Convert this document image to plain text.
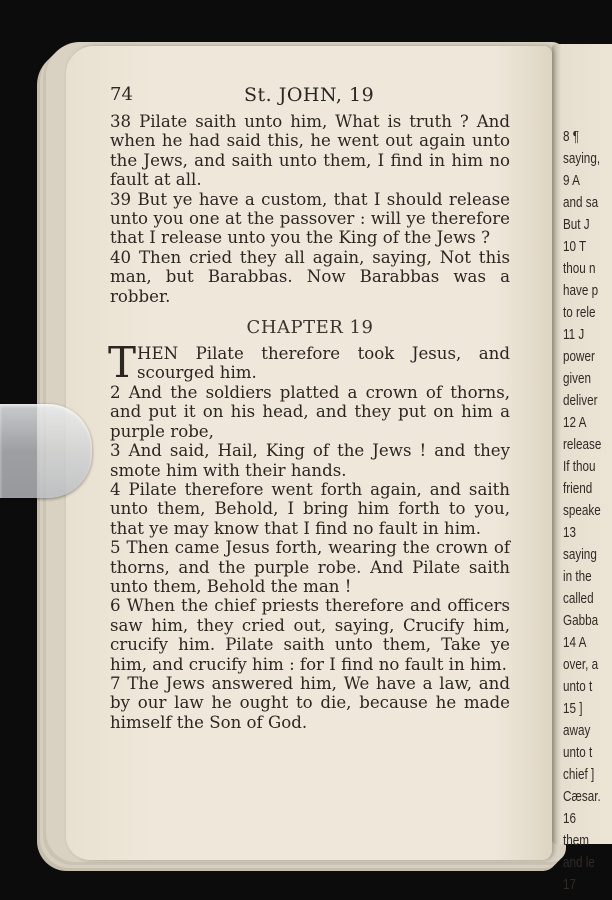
74	St. JOHN, 19

38 Pilate saith unto him, What is truth ? And when he had said this, he went out again unto the Jews, and saith unto them, I find in him no fault at all.

39 But ye have a custom, that I should release unto you one at the passover : will ye therefore that I release unto you the King of the Jews ?

40 Then cried they all again, saying, Not this man, but Barabbas. Now Barabbas was a robber.

CHAPTER 19

T HEN Pilate therefore took Jesus, and scourged him.

2 And the soldiers platted a crown of thorns, and put it on his head, and they put on him a purple robe,

3 And said, Hail, King of the Jews ! and they smote him with their hands.

4 Pilate therefore went forth again, and saith unto them, Behold, I bring him forth to you, that ye may know that I find no fault in him.

5 Then came Jesus forth, wearing the crown of thorns, and the purple robe. And Pilate saith unto them, Behold the man !

6 When the chief priests therefore and officers saw him, they cried out, saying, Crucify him, crucify him. Pilate saith unto them, Take ye him, and crucify him : for I find no fault in him.

7 The Jews answered him, We have a law, and by our law he ought to die, because he made himself the Son of God.

8 ¶
saying,
9 A
and sa
But J
10 T
thou n
have p
to rele
11 J
power
given
deliver
12 A
release
If thou
friend
speake
13
saying
in the
called
Gabba
14 A
over, a
unto t
15 ]
away
unto t
chief ]
Cæsar.
16
them
and le
17
